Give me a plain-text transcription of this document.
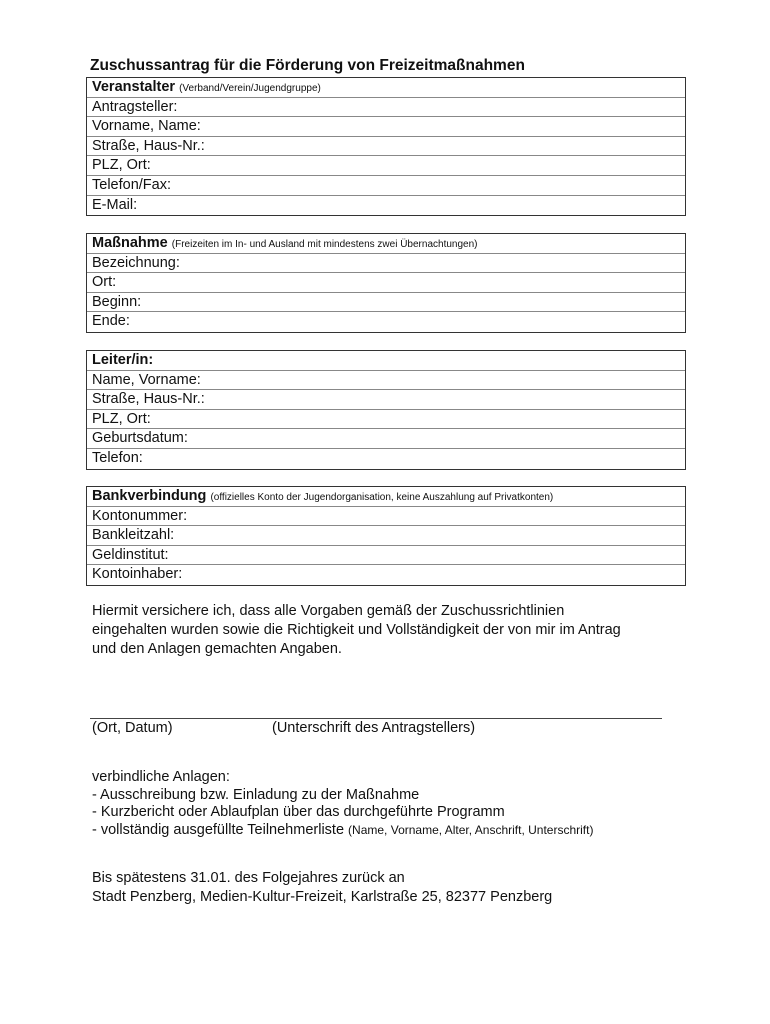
Zuschussantrag für die Förderung von Freizeitmaßnahmen
Veranstalter (Verband/Verein/Jugendgruppe)
Antragsteller:
Vorname, Name:
Straße, Haus-Nr.:
PLZ, Ort:
Telefon/Fax:
E-Mail:
Maßnahme (Freizeiten im In- und Ausland mit mindestens zwei Übernachtungen)
Bezeichnung:
Ort:
Beginn:
Ende:
Leiter/in:
Name, Vorname:
Straße, Haus-Nr.:
PLZ, Ort:
Geburtsdatum:
Telefon:
Bankverbindung (offizielles Konto der Jugendorganisation, keine Auszahlung auf Privatkonten)
Kontonummer:
Bankleitzahl:
Geldinstitut:
Kontoinhaber:
Hiermit versichere ich, dass alle Vorgaben gemäß der Zuschussrichtlinien
eingehalten wurden sowie die Richtigkeit und Vollständigkeit der von mir im Antrag
und den Anlagen gemachten Angaben.
(Ort, Datum)	(Unterschrift des Antragstellers)
verbindliche Anlagen:
- Ausschreibung bzw. Einladung zu der Maßnahme
- Kurzbericht oder Ablaufplan über das durchgeführte Programm
- vollständig ausgefüllte Teilnehmerliste (Name, Vorname, Alter, Anschrift, Unterschrift)
Bis spätestens 31.01. des Folgejahres zurück an
Stadt Penzberg, Medien-Kultur-Freizeit, Karlstraße 25, 82377 Penzberg
